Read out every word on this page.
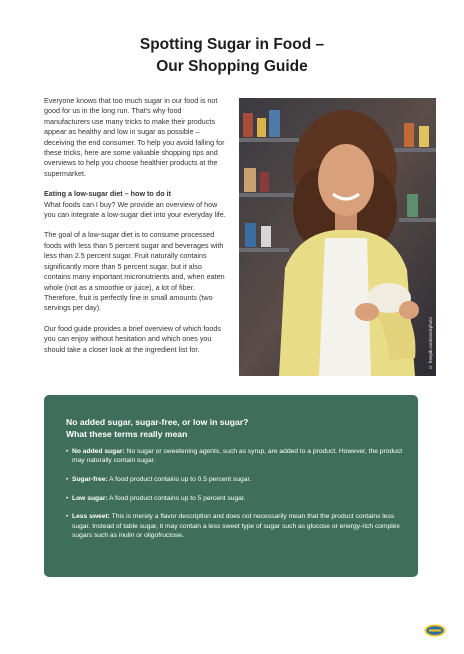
Spotting Sugar in Food –
Our Shopping Guide

Everyone knows that too much sugar in our food is not good for us in the long run. That's why food manufacturers use many tricks to make their products appear as healthy and low in sugar as possible – deceiving the end consumer. To help you avoid falling for these tricks, here are some valuable shopping tips and overviews to help you choose healthier products at the supermarket.

Eating a low-sugar diet – how to do it
What foods can I buy? We provide an overview of how you can integrate a low-sugar diet into your everyday life.

The goal of a low-sugar diet is to consume processed foods with less than 5 percent sugar and beverages with less than 2.5 percent sugar. Fruit naturally contains significantly more than 5 percent sugar, but it also contains many important micronutrients and, when eaten whole (not as a smoothie or juice), a lot of fiber. Therefore, fruit is perfectly fine in small amounts (two servings per day).

Our food guide provides a brief overview of which foods you can enjoy without hesitation and which ones you should take a closer look at the ingredient list for.	© freepik.com/stockphoto
No added sugar, sugar-free, or low in sugar?
What these terms really mean
• No added sugar: No sugar or sweetening agents, such as syrup, are added to a product. However, the product may naturally contain sugar.
• Sugar-free: A food product contains up to 0.5 percent sugar.
• Low sugar: A food product contains up to 5 percent sugar.
• Less sweet: This is merely a flavor description and does not necessarily mean that the product contains less sugar. Instead of table sugar, it may contain a less sweet type of sugar such as glucose or energy-rich complex sugars such as inulin or oligofructose.
